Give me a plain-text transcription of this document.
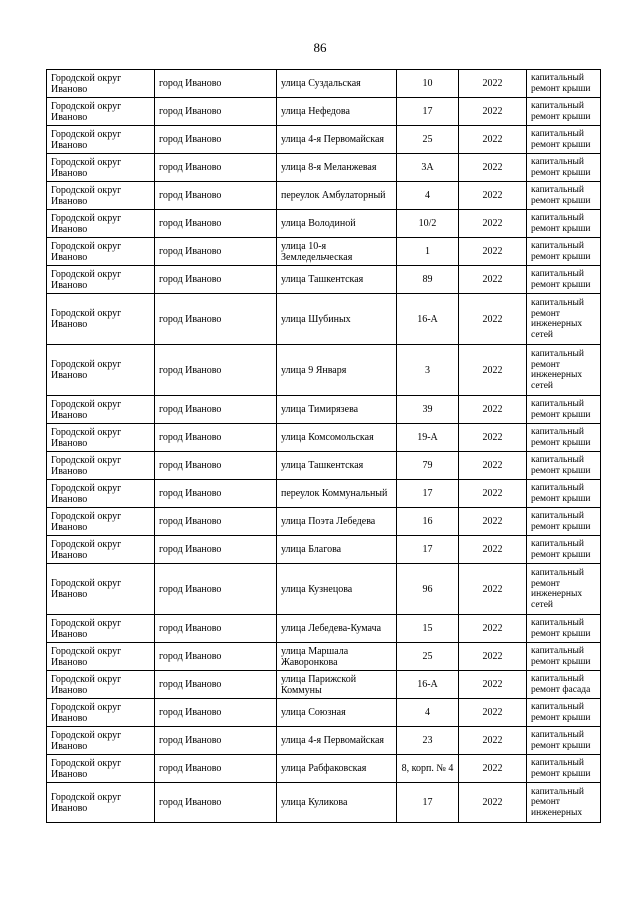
86
Городской округ Иваново	город Иваново	улица Суздальская	10	2022	капитальный ремонт крыши
Городской округ Иваново	город Иваново	улица Нефедова	17	2022	капитальный ремонт крыши
Городской округ Иваново	город Иваново	улица 4-я Первомайская	25	2022	капитальный ремонт крыши
Городской округ Иваново	город Иваново	улица 8-я Меланжевая	3А	2022	капитальный ремонт крыши
Городской округ Иваново	город Иваново	переулок Амбулаторный	4	2022	капитальный ремонт крыши
Городской округ Иваново	город Иваново	улица Володиной	10/2	2022	капитальный ремонт крыши
Городской округ Иваново	город Иваново	улица 10-я Земледельческая	1	2022	капитальный ремонт крыши
Городской округ Иваново	город Иваново	улица Ташкентская	89	2022	капитальный ремонт крыши
Городской округ Иваново	город Иваново	улица Шубиных	16-А	2022	капитальный ремонт инженерных сетей
Городской округ Иваново	город Иваново	улица 9 Января	3	2022	капитальный ремонт инженерных сетей
Городской округ Иваново	город Иваново	улица Тимирязева	39	2022	капитальный ремонт крыши
Городской округ Иваново	город Иваново	улица Комсомольская	19-А	2022	капитальный ремонт крыши
Городской округ Иваново	город Иваново	улица Ташкентская	79	2022	капитальный ремонт крыши
Городской округ Иваново	город Иваново	переулок Коммунальный	17	2022	капитальный ремонт крыши
Городской округ Иваново	город Иваново	улица Поэта Лебедева	16	2022	капитальный ремонт крыши
Городской округ Иваново	город Иваново	улица Благова	17	2022	капитальный ремонт крыши
Городской округ Иваново	город Иваново	улица Кузнецова	96	2022	капитальный ремонт инженерных сетей
Городской округ Иваново	город Иваново	улица Лебедева-Кумача	15	2022	капитальный ремонт крыши
Городской округ Иваново	город Иваново	улица Маршала Жаворонкова	25	2022	капитальный ремонт крыши
Городской округ Иваново	город Иваново	улица Парижской Коммуны	16-А	2022	капитальный ремонт фасада
Городской округ Иваново	город Иваново	улица Союзная	4	2022	капитальный ремонт крыши
Городской округ Иваново	город Иваново	улица 4-я Первомайская	23	2022	капитальный ремонт крыши
Городской округ Иваново	город Иваново	улица Рабфаковская	8, корп. № 4	2022	капитальный ремонт крыши
Городской округ Иваново	город Иваново	улица Куликова	17	2022	капитальный ремонт инженерных
